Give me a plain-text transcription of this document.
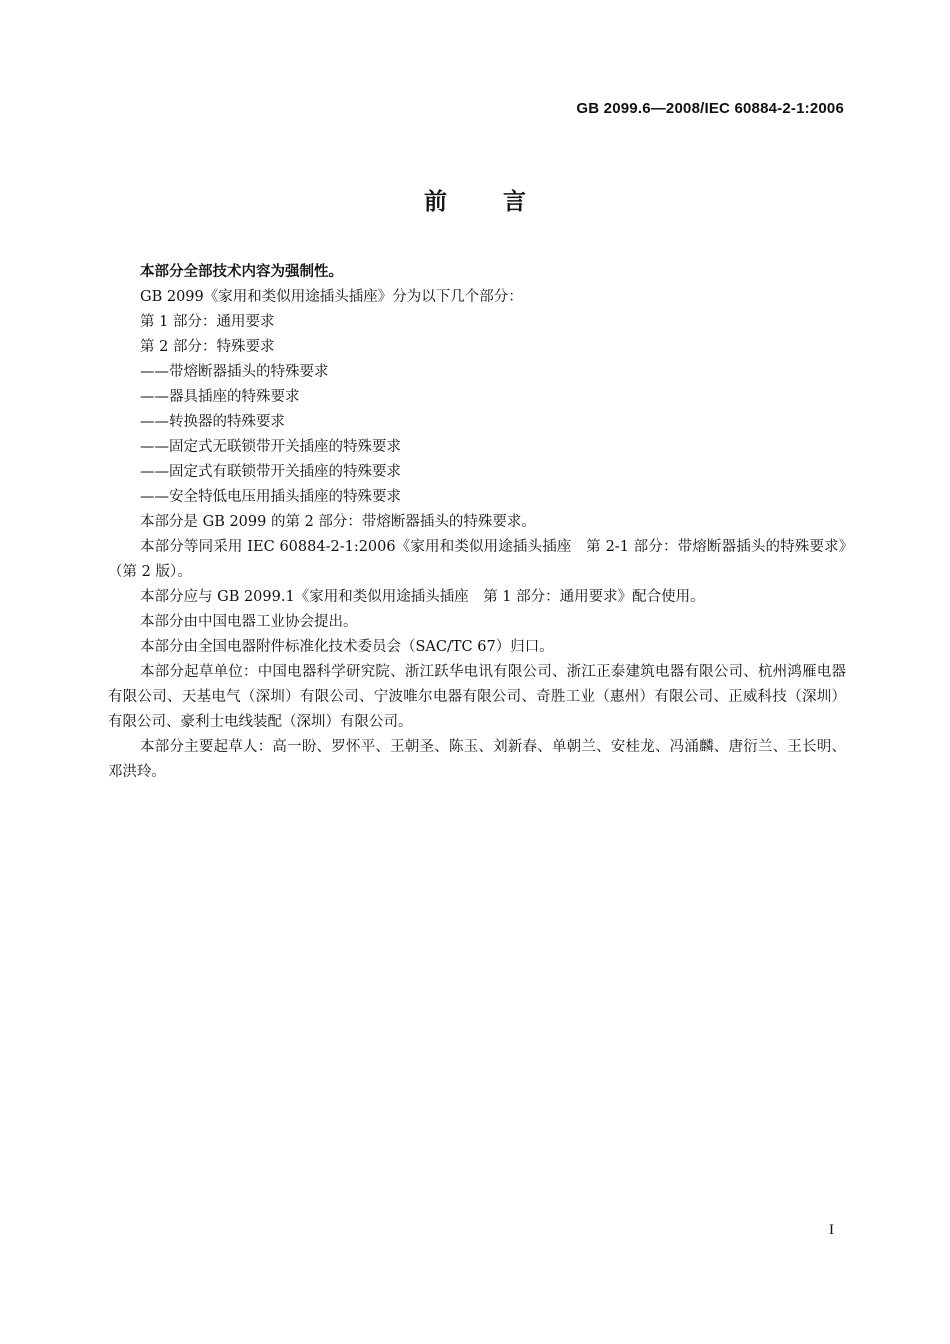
GB 2099.6—2008/IEC 60884-2-1:2006
前言

本部分全部技术内容为强制性。

GB 2099《家用和类似用途插头插座》分为以下几个部分：

第 1 部分：通用要求

第 2 部分：特殊要求

——带熔断器插头的特殊要求

——器具插座的特殊要求

——转换器的特殊要求

——固定式无联锁带开关插座的特殊要求

——固定式有联锁带开关插座的特殊要求

——安全特低电压用插头插座的特殊要求

本部分是 GB 2099 的第 2 部分：带熔断器插头的特殊要求。

本部分等同采用 IEC 60884-2-1:2006《家用和类似用途插头插座　第 2-1 部分：带熔断器插头的特殊要求》（第 2 版）。

本部分应与 GB 2099.1《家用和类似用途插头插座　第 1 部分：通用要求》配合使用。

本部分由中国电器工业协会提出。

本部分由全国电器附件标准化技术委员会（SAC/TC 67）归口。

本部分起草单位：中国电器科学研究院、浙江跃华电讯有限公司、浙江正泰建筑电器有限公司、杭州鸿雁电器有限公司、天基电气（深圳）有限公司、宁波唯尔电器有限公司、奇胜工业（惠州）有限公司、正威科技（深圳）有限公司、豪利士电线装配（深圳）有限公司。

本部分主要起草人：高一盼、罗怀平、王朝圣、陈玉、刘新春、单朝兰、安桂龙、冯涌麟、唐衍兰、王长明、邓洪玲。

I
